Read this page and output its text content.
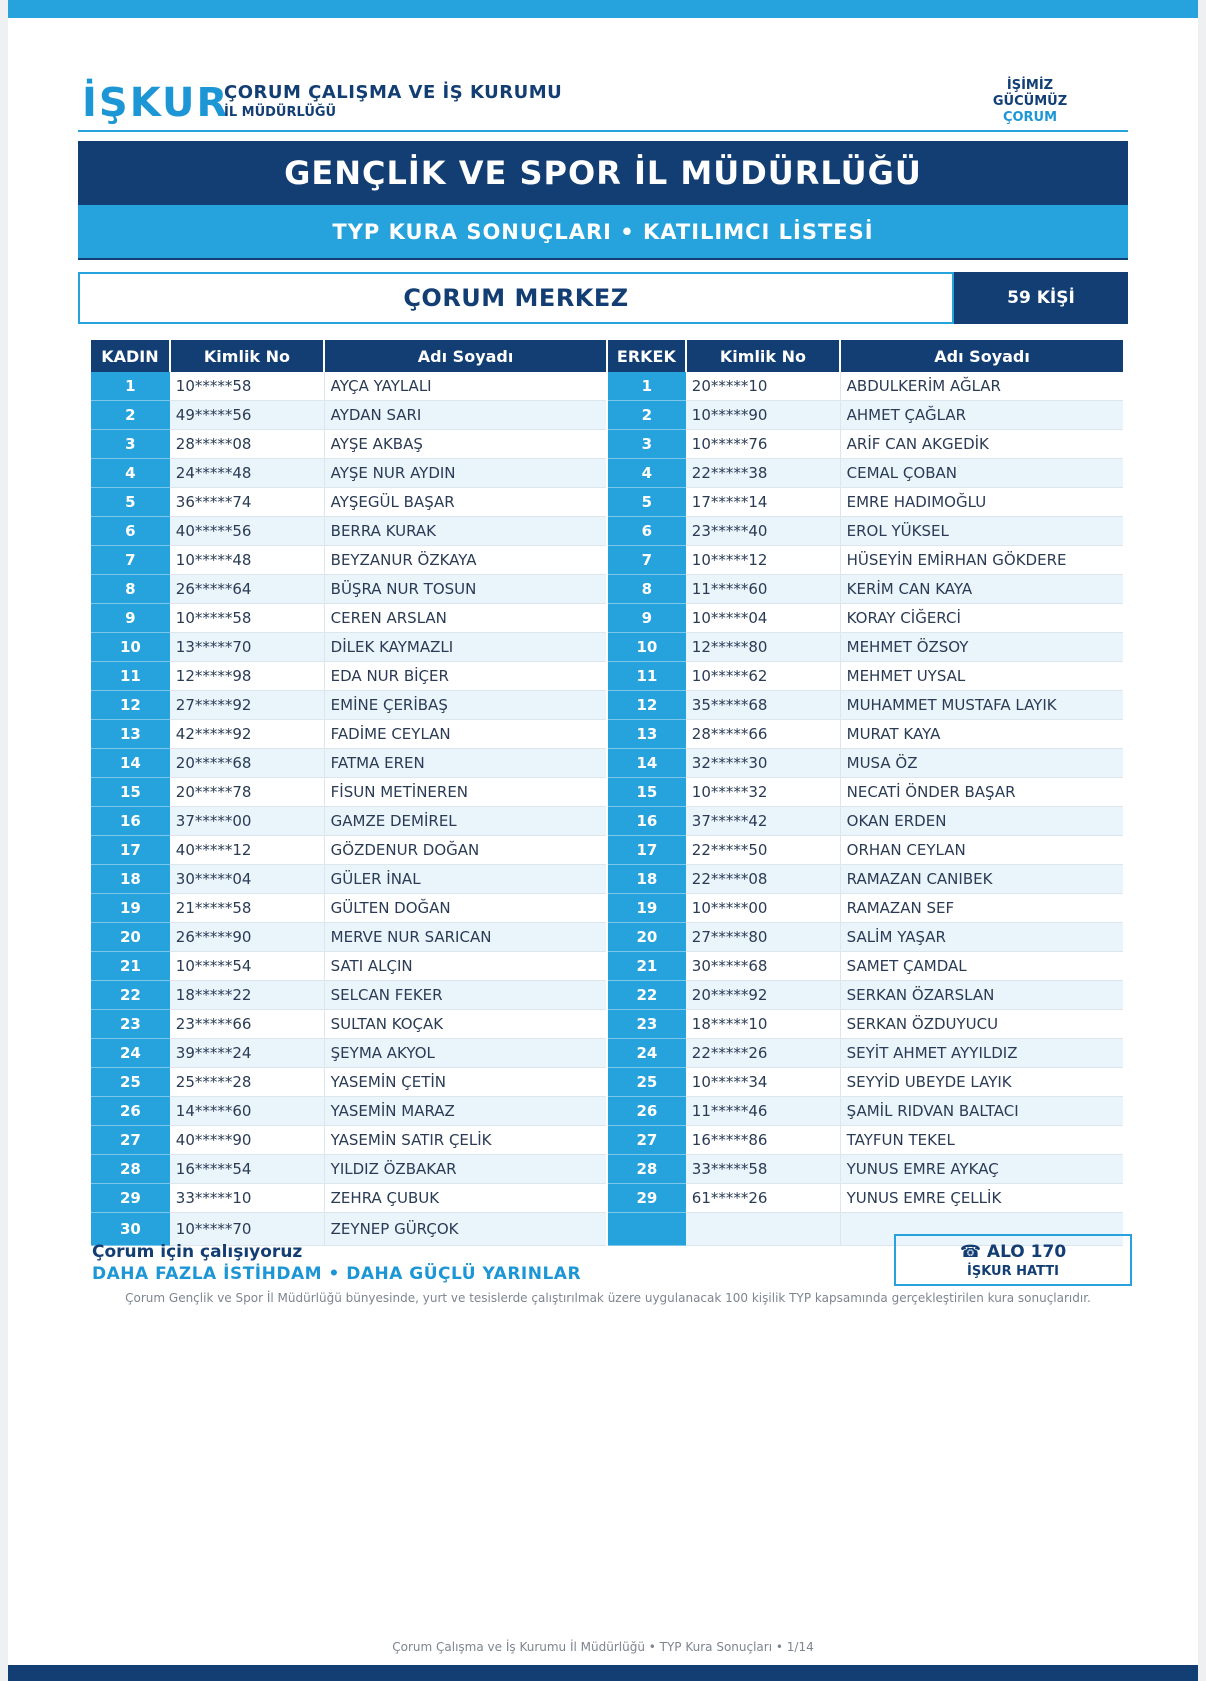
İŞKUR
ÇORUM ÇALIŞMA VE İŞ KURUMU
İL MÜDÜRLÜĞÜ
İŞİMİZ
GÜCÜMÜZ
ÇORUM
GENÇLİK VE SPOR İL MÜDÜRLÜĞÜ
TYP KURA SONUÇLARI • KATILIMCI LİSTESİ
ÇORUM MERKEZ	59 KİŞİ
KADIN	Kimlik No	Adı Soyadı	ERKEK	Kimlik No	Adı Soyadı
1	10*****58	AYÇA YAYLALI	1	20*****10	ABDULKERİM AĞLAR
2	49*****56	AYDAN SARI	2	10*****90	AHMET ÇAĞLAR
3	28*****08	AYŞE AKBAŞ	3	10*****76	ARİF CAN AKGEDİK
4	24*****48	AYŞE NUR AYDIN	4	22*****38	CEMAL ÇOBAN
5	36*****74	AYŞEGÜL BAŞAR	5	17*****14	EMRE HADIMOĞLU
6	40*****56	BERRA KURAK	6	23*****40	EROL YÜKSEL
7	10*****48	BEYZANUR ÖZKAYA	7	10*****12	HÜSEYİN EMİRHAN GÖKDERE
8	26*****64	BÜŞRA NUR TOSUN	8	11*****60	KERİM CAN KAYA
9	10*****58	CEREN ARSLAN	9	10*****04	KORAY CİĞERCİ
10	13*****70	DİLEK KAYMAZLI	10	12*****80	MEHMET ÖZSOY
11	12*****98	EDA NUR BİÇER	11	10*****62	MEHMET UYSAL
12	27*****92	EMİNE ÇERİBAŞ	12	35*****68	MUHAMMET MUSTAFA LAYIK
13	42*****92	FADİME CEYLAN	13	28*****66	MURAT KAYA
14	20*****68	FATMA EREN	14	32*****30	MUSA ÖZ
15	20*****78	FİSUN METİNEREN	15	10*****32	NECATİ ÖNDER BAŞAR
16	37*****00	GAMZE DEMİREL	16	37*****42	OKAN ERDEN
17	40*****12	GÖZDENUR DOĞAN	17	22*****50	ORHAN CEYLAN
18	30*****04	GÜLER İNAL	18	22*****08	RAMAZAN CANIBEK
19	21*****58	GÜLTEN DOĞAN	19	10*****00	RAMAZAN SEF
20	26*****90	MERVE NUR SARICAN	20	27*****80	SALİM YAŞAR
21	10*****54	SATI ALÇIN	21	30*****68	SAMET ÇAMDAL
22	18*****22	SELCAN FEKER	22	20*****92	SERKAN ÖZARSLAN
23	23*****66	SULTAN KOÇAK	23	18*****10	SERKAN ÖZDUYUCU
24	39*****24	ŞEYMA AKYOL	24	22*****26	SEYİT AHMET AYYILDIZ
25	25*****28	YASEMİN ÇETİN	25	10*****34	SEYYİD UBEYDE LAYIK
26	14*****60	YASEMİN MARAZ	26	11*****46	ŞAMİL RIDVAN BALTACI
27	40*****90	YASEMİN SATIR ÇELİK	27	16*****86	TAYFUN TEKEL
28	16*****54	YILDIZ ÖZBAKAR	28	33*****58	YUNUS EMRE AYKAÇ
29	33*****10	ZEHRA ÇUBUK	29	61*****26	YUNUS EMRE ÇELLİK
30	10*****70	ZEYNEP GÜRÇOK			
Çorum için çalışıyoruz
DAHA FAZLA İSTİHDAM • DAHA GÜÇLÜ YARINLAR
☎ ALO 170
İŞKUR HATTI
Çorum Gençlik ve Spor İl Müdürlüğü bünyesinde, yurt ve tesislerde çalıştırılmak üzere uygulanacak 100 kişilik TYP kapsamında gerçekleştirilen kura sonuçlarıdır.
Çorum Çalışma ve İş Kurumu İl Müdürlüğü • TYP Kura Sonuçları • 1/14
